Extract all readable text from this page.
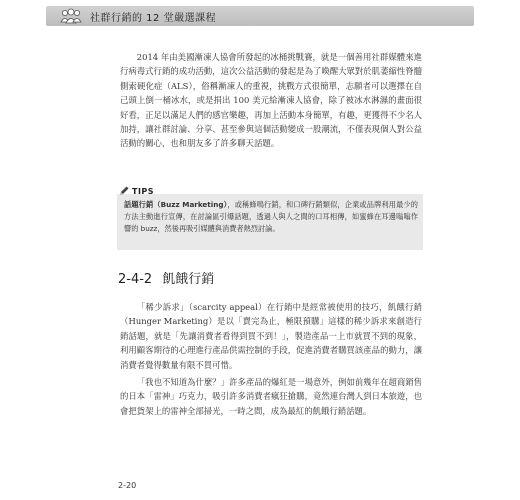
社群行銷的 12 堂嚴選課程

2014 年由美國漸凍人協會所發起的冰桶挑戰賽，就是一個善用社群媒體來進行病毒式行銷的成功活動，這次公益活動的發起是為了喚醒大眾對於肌萎縮性脊髓側索硬化症（ALS），俗稱漸凍人的重視，挑戰方式很簡單，志願者可以選擇在自己頭上倒一桶冰水，或是捐出 100 美元給漸凍人協會，除了被冰水淋濕的畫面很好看，正足以滿足人們的感官樂趣，再加上活動本身簡單，有趣，更獲得不少名人加持，讓社群討論、分享、甚至參與這個活動變成一股潮流，不僅表現個人對公益活動的關心，也和朋友多了許多聊天話題。

TIPS

話題行銷（Buzz Marketing），或稱蜂鳴行銷，和口碑行銷類似，企業或品牌利用最少的方法主動進行宣傳，在討論區引爆話題，透過人與人之間的口耳相傳，如蜜蜂在耳邊嗡嗡作響的 buzz，然後再吸引媒體與消費者熱烈討論。

2-4-2 飢餓行銷

「稀少訴求」（scarcity appeal）在行銷中是經常被使用的技巧，飢餓行銷（Hunger Marketing）是以「賣完為止，極限預購」這樣的稀少訴求來創造行銷話題，就是「先讓消費者看得到買不到！」，製造產品一上市就買不到的現象，利用顧客期待的心理進行產品供需控制的手段，促進消費者購買該產品的動力，讓消費者覺得數量有限不買可惜。

「我也不知道為什麼？」許多產品的爆紅是一場意外，例如前幾年在超商銷售的日本「雷神」巧克力，吸引許多消費者瘋狂搶購，竟然連台灣人到日本旅遊，也會把貨架上的雷神全部掃光，一時之間，成為最紅的飢餓行銷話題。

2-20
